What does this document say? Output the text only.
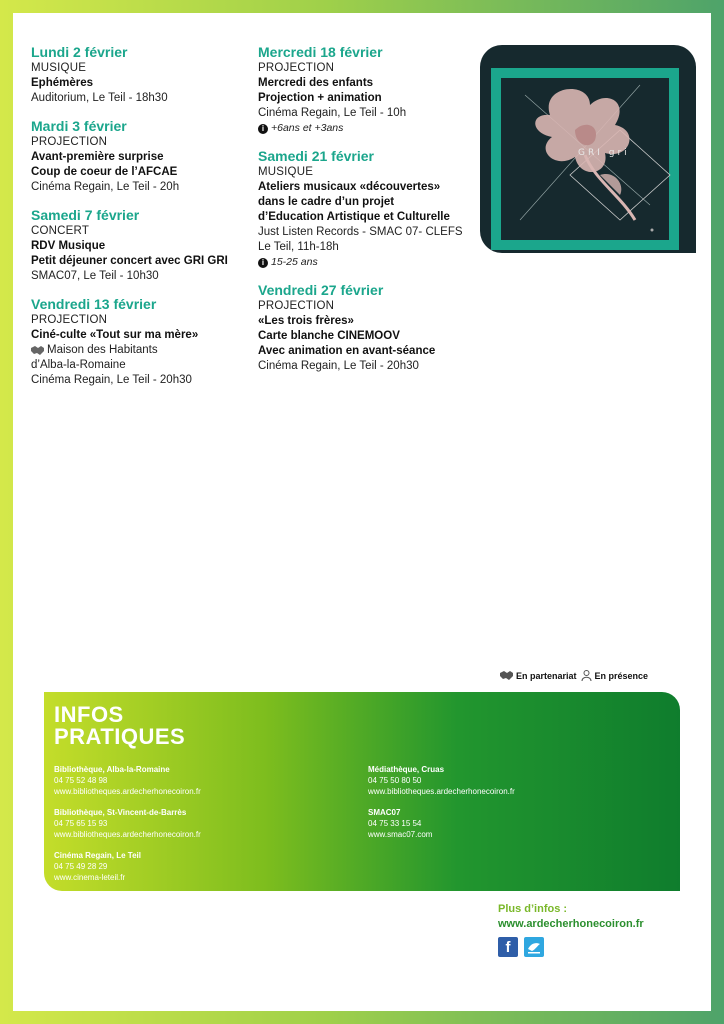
Lundi 2 février
MUSIQUE
Ephémères
Auditorium, Le Teil - 18h30
Mardi 3 février
PROJECTION
Avant-première surprise
Coup de coeur de l’AFCAE
Cinéma Regain, Le Teil - 20h
Samedi 7 février
CONCERT
RDV Musique
Petit déjeuner concert avec GRI GRI
SMAC07, Le Teil - 10h30
Vendredi 13 février
PROJECTION
Ciné-culte «Tout sur ma mère»
Maison des Habitants
d’Alba-la-Romaine
Cinéma Regain, Le Teil - 20h30
Mercredi 18 février
PROJECTION
Mercredi des enfants
Projection + animation
Cinéma Regain, Le Teil - 10h
i +6ans et +3ans
Samedi 21 février
MUSIQUE
Ateliers musicaux «découvertes»
dans le cadre d’un projet
d’Education Artistique et Culturelle
Just Listen Records - SMAC 07- CLEFS
Le Teil, 11h-18h
i 15-25 ans
Vendredi 27 février
PROJECTION
«Les trois frères»
Carte blanche CINEMOOV
Avec animation en avant-séance
Cinéma Regain, Le Teil - 20h30
GRI gri
En partenariat En présence
INFOS
PRATIQUES
Bibliothèque, Alba-la-Romaine
04 75 52 48 98
www.bibliotheques.ardecherhonecoiron.fr
Bibliothèque, St-Vincent-de-Barrès
04 75 65 15 93
www.bibliotheques.ardecherhonecoiron.fr
Cinéma Regain, Le Teil
04 75 49 28 29
www.cinema-leteil.fr
Médiathèque, Cruas
04 75 50 80 50
www.bibliotheques.ardecherhonecoiron.fr
SMAC07
04 75 33 15 54
www.smac07.com
Plus d’infos :
www.ardecherhonecoiron.fr
f
